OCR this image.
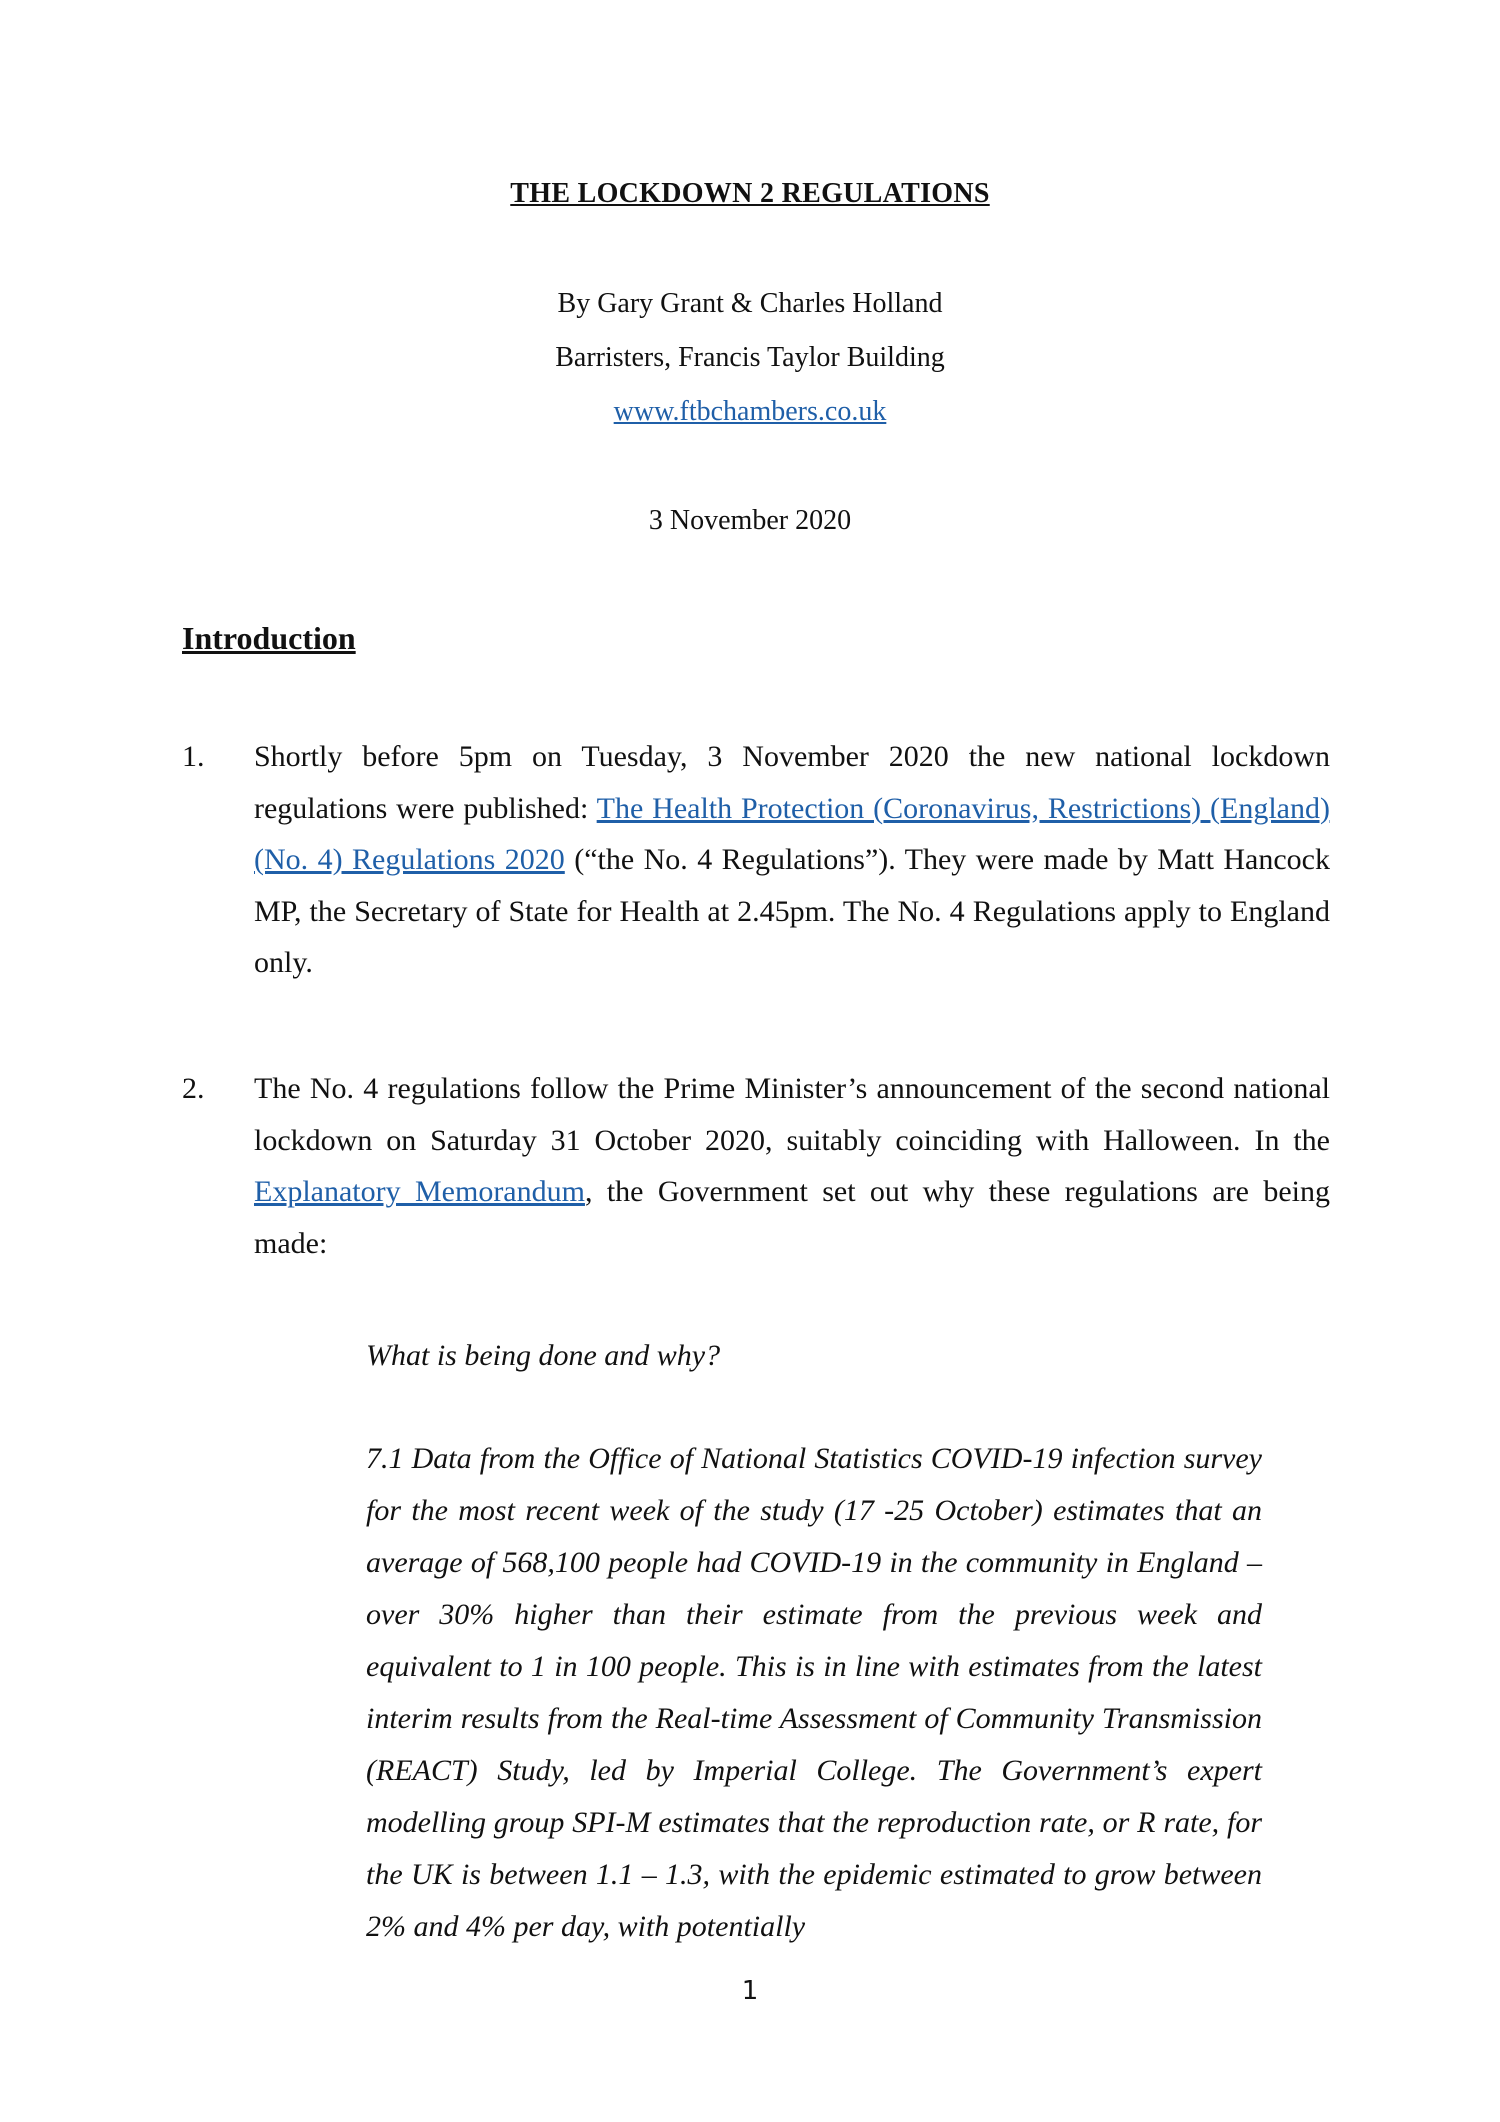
THE LOCKDOWN 2 REGULATIONS
By Gary Grant & Charles Holland
Barristers, Francis Taylor Building
www.ftbchambers.co.uk
3 November 2020
Introduction
1. Shortly before 5pm on Tuesday, 3 November 2020 the new national lockdown regulations were published: The Health Protection (Coronavirus, Restrictions) (England)(No. 4) Regulations 2020 (“the No. 4 Regulations”). They were made by Matt Hancock MP, the Secretary of State for Health at 2.45pm. The No. 4 Regulations apply to England only.
2. The No. 4 regulations follow the Prime Minister’s announcement of the second national lockdown on Saturday 31 October 2020, suitably coinciding with Halloween. In the Explanatory Memorandum, the Government set out why these regulations are being made:
What is being done and why?
7.1 Data from the Office of National Statistics COVID-19 infection survey for the most recent week of the study (17 -25 October) estimates that an average of 568,100 people had COVID-19 in the community in England – over 30% higher than their estimate from the previous week and equivalent to 1 in 100 people. This is in line with estimates from the latest interim results from the Real-time Assessment of Community Transmission (REACT) Study, led by Imperial College. The Government’s expert modelling group SPI-M estimates that the reproduction rate, or R rate, for the UK is between 1.1 – 1.3, with the epidemic estimated to grow between 2% and 4% per day, with potentially
1
